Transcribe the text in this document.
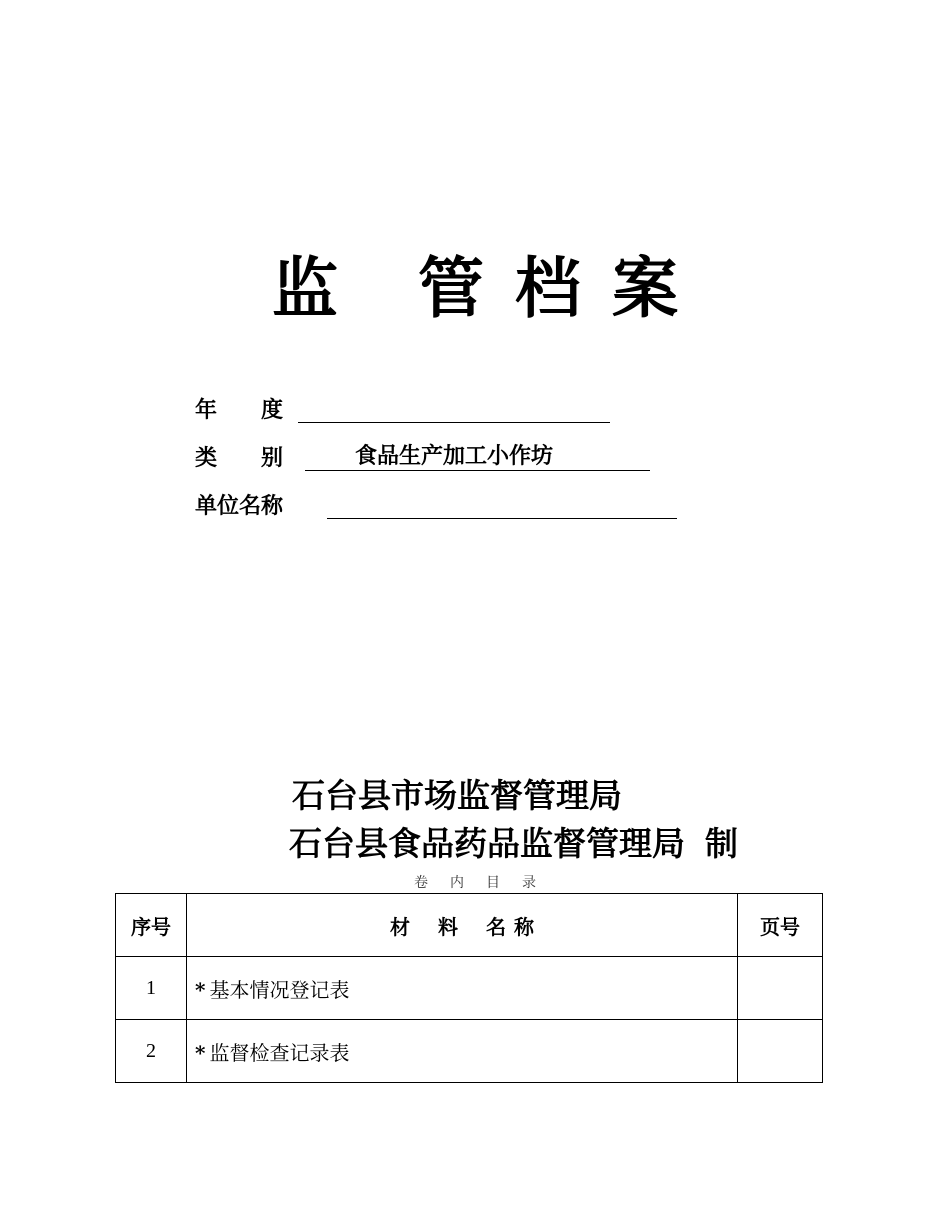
监 管 档 案
年 度
类 别	食品生产加工小作坊
单位名称
石台县市场监督管理局
石台县食品药品监督管理局 制
卷 内 目 录
序号	材 料 名 称	页号
1	* 基本情况登记表	
2	* 监督检查记录表	
